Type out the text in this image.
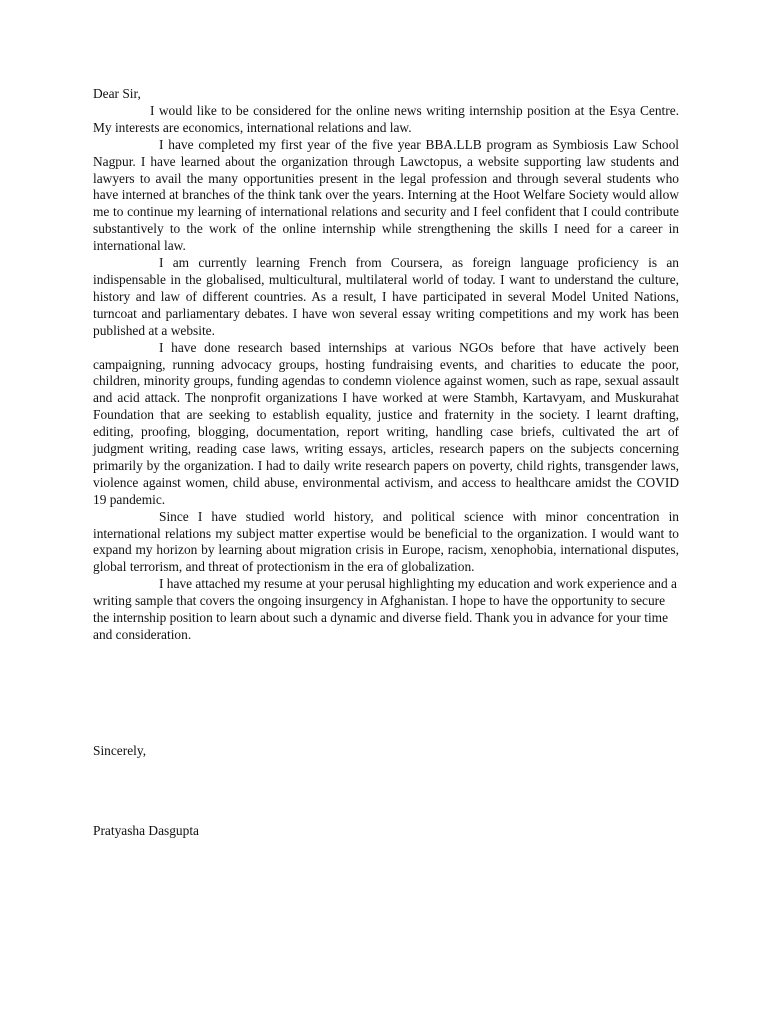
Dear Sir,

I would like to be considered for the online news writing internship position at the Esya Centre. My interests are economics, international relations and law.

I have completed my first year of the five year BBA.LLB program as Symbiosis Law School Nagpur. I have learned about the organization through Lawctopus, a website supporting law students and lawyers to avail the many opportunities present in the legal profession and through several students who have interned at branches of the think tank over the years. Interning at the Hoot Welfare Society would allow me to continue my learning of international relations and security and I feel confident that I could contribute substantively to the work of the online internship while strengthening the skills I need for a career in international law.

I am currently learning French from Coursera, as foreign language proficiency is an indispensable in the globalised, multicultural, multilateral world of today. I want to understand the culture, history and law of different countries. As a result, I have participated in several Model United Nations, turncoat and parliamentary debates. I have won several essay writing competitions and my work has been published at a website.

I have done research based internships at various NGOs before that have actively been campaigning, running advocacy groups, hosting fundraising events, and charities to educate the poor, children, minority groups, funding agendas to condemn violence against women, such as rape, sexual assault and acid attack. The nonprofit organizations I have worked at were Stambh, Kartavyam, and Muskurahat Foundation that are seeking to establish equality, justice and fraternity in the society. I learnt drafting, editing, proofing, blogging, documentation, report writing, handling case briefs, cultivated the art of judgment writing, reading case laws, writing essays, articles, research papers on the subjects concerning primarily by the organization. I had to daily write research papers on poverty, child rights, transgender laws, violence against women, child abuse, environmental activism, and access to healthcare amidst the COVID 19 pandemic.

Since I have studied world history, and political science with minor concentration in international relations my subject matter expertise would be beneficial to the organization. I would want to expand my horizon by learning about migration crisis in Europe, racism, xenophobia, international disputes, global terrorism, and threat of protectionism in the era of globalization.

I have attached my resume at your perusal highlighting my education and work experience and a writing sample that covers the ongoing insurgency in Afghanistan. I hope to have the opportunity to secure the internship position to learn about such a dynamic and diverse field. Thank you in advance for your time and consideration.

Sincerely,

Pratyasha Dasgupta
